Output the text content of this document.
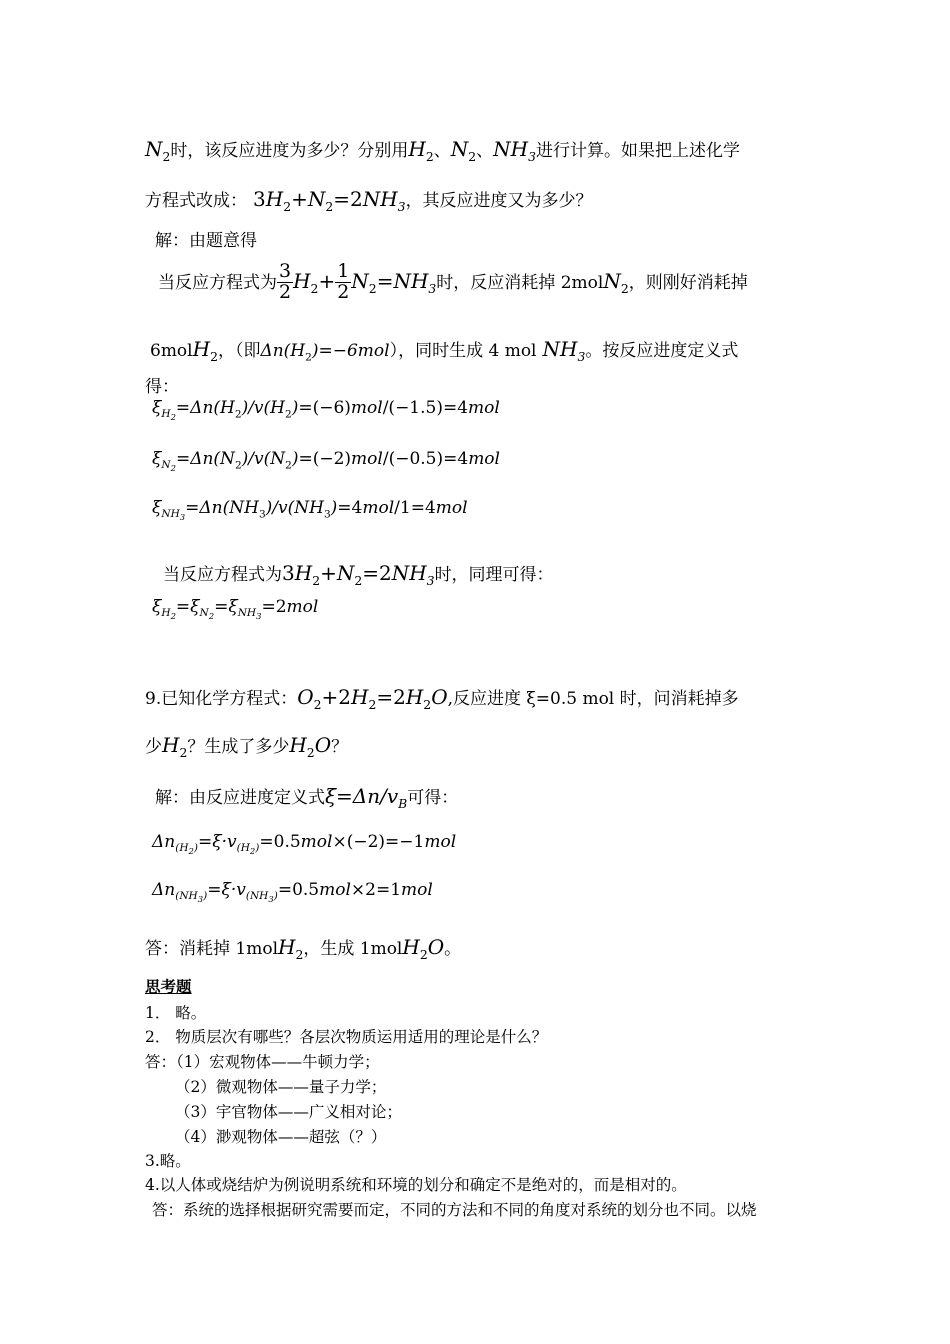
$N_2$时，该反应进度为多少？分别用$H_2$、$N_2$、$NH_3$进行计算。如果把上述化学
方程式改成： $3H_2+N_2=2NH_3$，其反应进度又为多少？
解：由题意得
当反应方程式为 $\frac{3}{2} H_2+ \frac{1}{2} N_2=NH_3$时，反应消耗掉 2molN$_2$，则刚好消耗掉
6molH$_2$，（即$\Delta n(H_2)=-6mol$），同时生成 4 mol $NH_3$。按反应进度定义式
得：
$\xi_{H_2}=\Delta n(H_2)/v(H_2)=(-6)mol/(-1.5)=4mol$
$\xi_{N_2}=\Delta n(N_2)/v(N_2)=(-2)mol/(-0.5)=4mol$
$\xi_{NH_3}=\Delta n(NH_3)/v(NH_3)=4mol/1=4mol$
当反应方程式为$3H_2+N_2=2NH_3$时，同理可得：
$\xi_{H_2}=\xi_{N_2}=\xi_{NH_3}=2mol$
9.已知化学方程式：$O_2+2H_2=2H_2O$,反应进度 ξ=0.5 mol 时，问消耗掉多
少$H_2$？生成了多少$H_2O$？
解：由反应进度定义式$\xi=\Delta n/v_B$可得：
$\Delta n_{(H_2)}=\xi\cdot v_{(H_2)}=0.5mol\times(-2)=-1mol$
$\Delta n_{(NH_3)}=\xi\cdot v_{(NH_3)}=0.5mol\times 2=1mol$
答：消耗掉 1molH$_2$，生成 1molH$_2$O。
思考题
1． 略。
2． 物质层次有哪些？各层次物质运用适用的理论是什么？
答：（1）宏观物体——牛顿力学；
（2）微观物体——量子力学；
（3）宇官物体——广义相对论；
（4）渺观物体——超弦（？）
3.略。
4.以人体或烧结炉为例说明系统和环境的划分和确定不是绝对的，而是相对的。
答：系统的选择根据研究需要而定，不同的方法和不同的角度对系统的划分也不同。以烧
